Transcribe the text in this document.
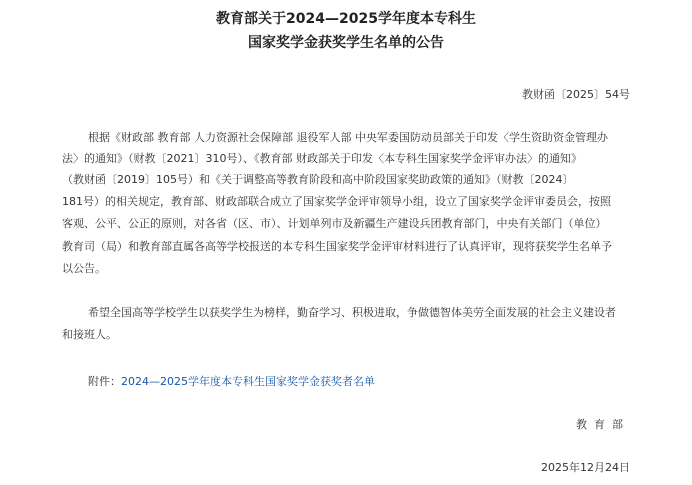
教育部关于2024—2025学年度本专科生
国家奖学金获奖学生名单的公告
教财函〔2025〕54号
根据《财政部 教育部 人力资源社会保障部 退役军人部 中央军委国防动员部关于印发〈学生资助资金管理办
法〉的通知》（财教〔2021〕310号）、《教育部 财政部关于印发〈本专科生国家奖学金评审办法〉的通知》
（教财函〔2019〕105号）和《关于调整高等教育阶段和高中阶段国家奖助政策的通知》（财教〔2024〕
181号）的相关规定，教育部、财政部联合成立了国家奖学金评审领导小组，设立了国家奖学金评审委员会，按照
客观、公平、公正的原则，对各省（区、市）、计划单列市及新疆生产建设兵团教育部门，中央有关部门（单位）
教育司（局）和教育部直属各高等学校报送的本专科生国家奖学金评审材料进行了认真评审，现将获奖学生名单予
以公告。
希望全国高等学校学生以获奖学生为榜样，勤奋学习、积极进取，争做德智体美劳全面发展的社会主义建设者
和接班人。
附件：2024—2025学年度本专科生国家奖学金获奖者名单
教育部
2025年12月24日
